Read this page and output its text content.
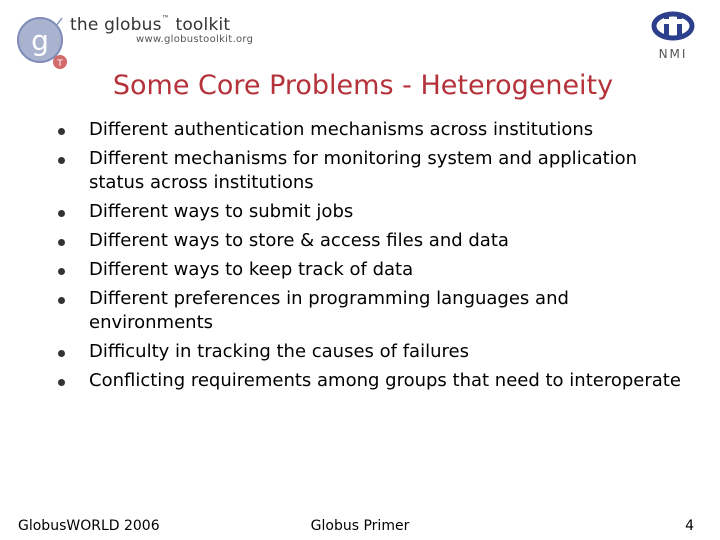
g
T
the globus™ toolkit
www.globustoolkit.org
NMI
Some Core Problems - Heterogeneity
Different authentication mechanisms across institutions
Different mechanisms for monitoring system and application status across institutions
Different ways to submit jobs
Different ways to store & access files and data
Different ways to keep track of data
Different preferences in programming languages and environments
Difficulty in tracking the causes of failures
Conflicting requirements among groups that need to interoperate
GlobusWORLD 2006	Globus Primer	4
